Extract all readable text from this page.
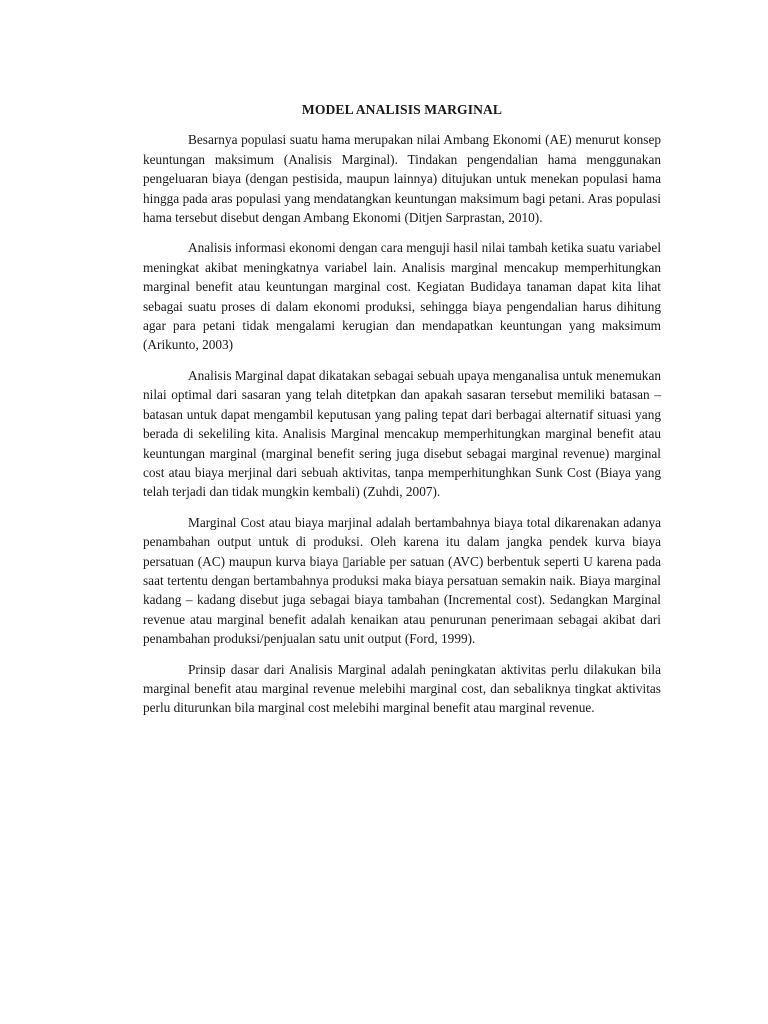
MODEL ANALISIS MARGINAL

Besarnya populasi suatu hama merupakan nilai Ambang Ekonomi (AE) menurut konsep keuntungan maksimum (Analisis Marginal). Tindakan pengendalian hama menggunakan pengeluaran biaya (dengan pestisida, maupun lainnya) ditujukan untuk menekan populasi hama hingga pada aras populasi yang mendatangkan keuntungan maksimum bagi petani. Aras populasi hama tersebut disebut dengan Ambang Ekonomi (Ditjen Sarprastan, 2010).

Analisis informasi ekonomi dengan cara menguji hasil nilai tambah ketika suatu variabel meningkat akibat meningkatnya variabel lain. Analisis marginal mencakup memperhitungkan marginal benefit atau keuntungan marginal cost. Kegiatan Budidaya tanaman dapat kita lihat sebagai suatu proses di dalam ekonomi produksi, sehingga biaya pengendalian harus dihitung agar para petani tidak mengalami kerugian dan mendapatkan keuntungan yang maksimum (Arikunto, 2003)

Analisis Marginal dapat dikatakan sebagai sebuah upaya menganalisa untuk menemukan nilai optimal dari sasaran yang telah ditetpkan dan apakah sasaran tersebut memiliki batasan – batasan untuk dapat mengambil keputusan yang paling tepat dari berbagai alternatif situasi yang berada di sekeliling kita. Analisis Marginal mencakup memperhitungkan marginal benefit atau keuntungan marginal (marginal benefit sering juga disebut sebagai marginal revenue) marginal cost atau biaya merjinal dari sebuah aktivitas, tanpa memperhitunghkan Sunk Cost (Biaya yang telah terjadi dan tidak mungkin kembali) (Zuhdi, 2007).

Marginal Cost atau biaya marjinal adalah bertambahnya biaya total dikarenakan adanya penambahan output untuk di produksi. Oleh karena itu dalam jangka pendek kurva biaya persatuan (AC) maupun kurva biaya ▯ariable per satuan (AVC) berbentuk seperti U karena pada saat tertentu dengan bertambahnya produksi maka biaya persatuan semakin naik. Biaya marginal kadang – kadang disebut juga sebagai biaya tambahan (Incremental cost). Sedangkan Marginal revenue atau marginal benefit adalah kenaikan atau penurunan penerimaan sebagai akibat dari penambahan produksi/penjualan satu unit output (Ford, 1999).

Prinsip dasar dari Analisis Marginal adalah peningkatan aktivitas perlu dilakukan bila marginal benefit atau marginal revenue melebihi marginal cost, dan sebaliknya tingkat aktivitas perlu diturunkan bila marginal cost melebihi marginal benefit atau marginal revenue.
